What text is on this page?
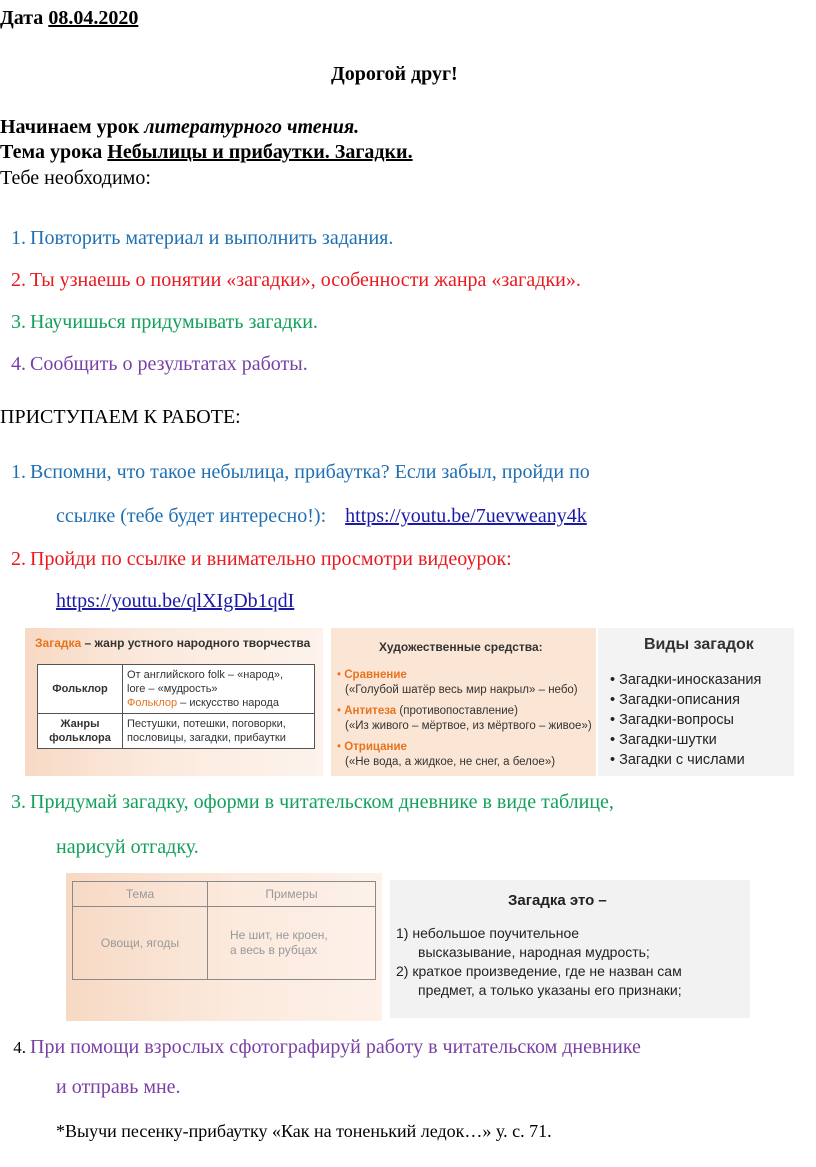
Дата 08.04.2020
Дорогой друг!
Начинаем урок литературного чтения.
Тема урока Небылицы и прибаутки. Загадки.
Тебе необходимо:
1. Повторить материал и выполнить задания.
2. Ты узнаешь о понятии «загадки», особенности жанра «загадки».
3. Научишься придумывать загадки.
4. Сообщить о результатах работы.
ПРИСТУПАЕМ К РАБОТЕ:
1. Вспомни, что такое небылица, прибаутка? Если забыл, пройди по
ссылке (тебе будет интересно!): https://youtu.be/7uevweany4k
2. Пройди по ссылке и внимательно просмотри видеоурок:
https://youtu.be/qlXIgDb1qdI
Загадка – жанр устного народного творчества
Фольклор	От английского folk – «народ»,
lore – «мудрость»
Фольклор – искусство народа

Жанры фольклора	Пестушки, потешки, поговорки,
пословицы, загадки, прибаутки
Художественные средства:
• Сравнение
(«Голубой шатёр весь мир накрыл» – небо)
• Антитеза (противопоставление)
(«Из живого – мёртвое, из мёртвого – живое»)
• Отрицание
(«Не вода, а жидкое, не снег, а белое»)
Виды загадок
• Загадки-иносказания
• Загадки-описания
• Загадки-вопросы
• Загадки-шутки
• Загадки с числами
3. Придумай загадку, оформи в читательском дневнике в виде таблице,
нарисуй отгадку.
Тема	Примеры
Овощи, ягоды	Не шит, не кроен,
а весь в рубцах
Загадка это –
1) небольшое поучительное
высказывание, народная мудрость;
2) краткое произведение, где не назван сам
предмет, а только указаны его признаки;
4. При помощи взрослых сфотографируй работу в читательском дневнике
и отправь мне.
*Выучи песенку-прибаутку «Как на тоненький ледок…» у. с. 71.
